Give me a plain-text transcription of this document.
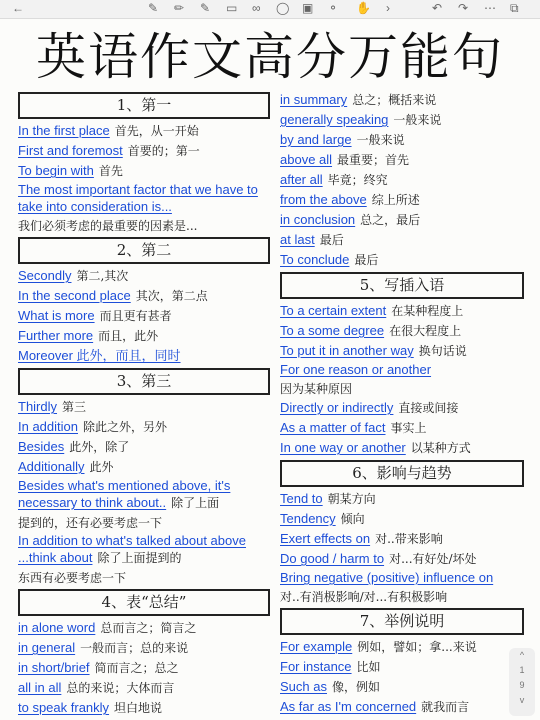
←	✎ ✏ ✎ ▭ ∞ ◯ ▣ ⚬ ✋ ›	↶ ↷ ⋯ ⧉
英语作文高分万能句
1、第一
In the first place 首先，从一开始
First and foremost 首要的；第一
To begin with 首先
The most important factor that we have to take into consideration is...
我们必须考虑的最重要的因素是...
2、第二
Secondly 第二,其次
In the second place 其次，第二点
What is more 而且更有甚者
Further more 而且，此外
Moreover 此外，而且，同时
3、第三
Thirdly 第三
In addition 除此之外，另外
Besides 此外，除了
Additionally 此外
Besides what's mentioned above, it's necessary to think about.. 除了上面
提到的，还有必要考虑一下
In addition to what's talked about above ...think about 除了上面提到的
东西有必要考虑一下
4、表“总结”
in alone word 总而言之；简言之
in general 一般而言；总的来说
in short/brief 简而言之；总之
all in all 总的来说；大体而言
to speak frankly 坦白地说
in summary 总之；概括来说
generally speaking 一般来说
by and large 一般来说
above all 最重要；首先
after all 毕竟；终究
from the above 综上所述
in conclusion 总之，最后
at last 最后
To conclude 最后
5、写插入语
To a certain extent 在某种程度上
To a some degree 在很大程度上
To put it in another way 换句话说
For one reason or another
因为某种原因
Directly or indirectly 直接或间接
As a matter of fact 事实上
In one way or another 以某种方式
6、影响与趋势
Tend to 朝某方向
Tendency 倾向
Exert effects on 对..带来影响
Do good / harm to 对...有好处/坏处
Bring negative (positive) influence on
对..有消极影响/对...有积极影响
7、举例说明
For example 例如，譬如；拿...来说
For instance 比如
Such as 像，例如
As far as I'm concerned 就我而言
^
1
9
v
